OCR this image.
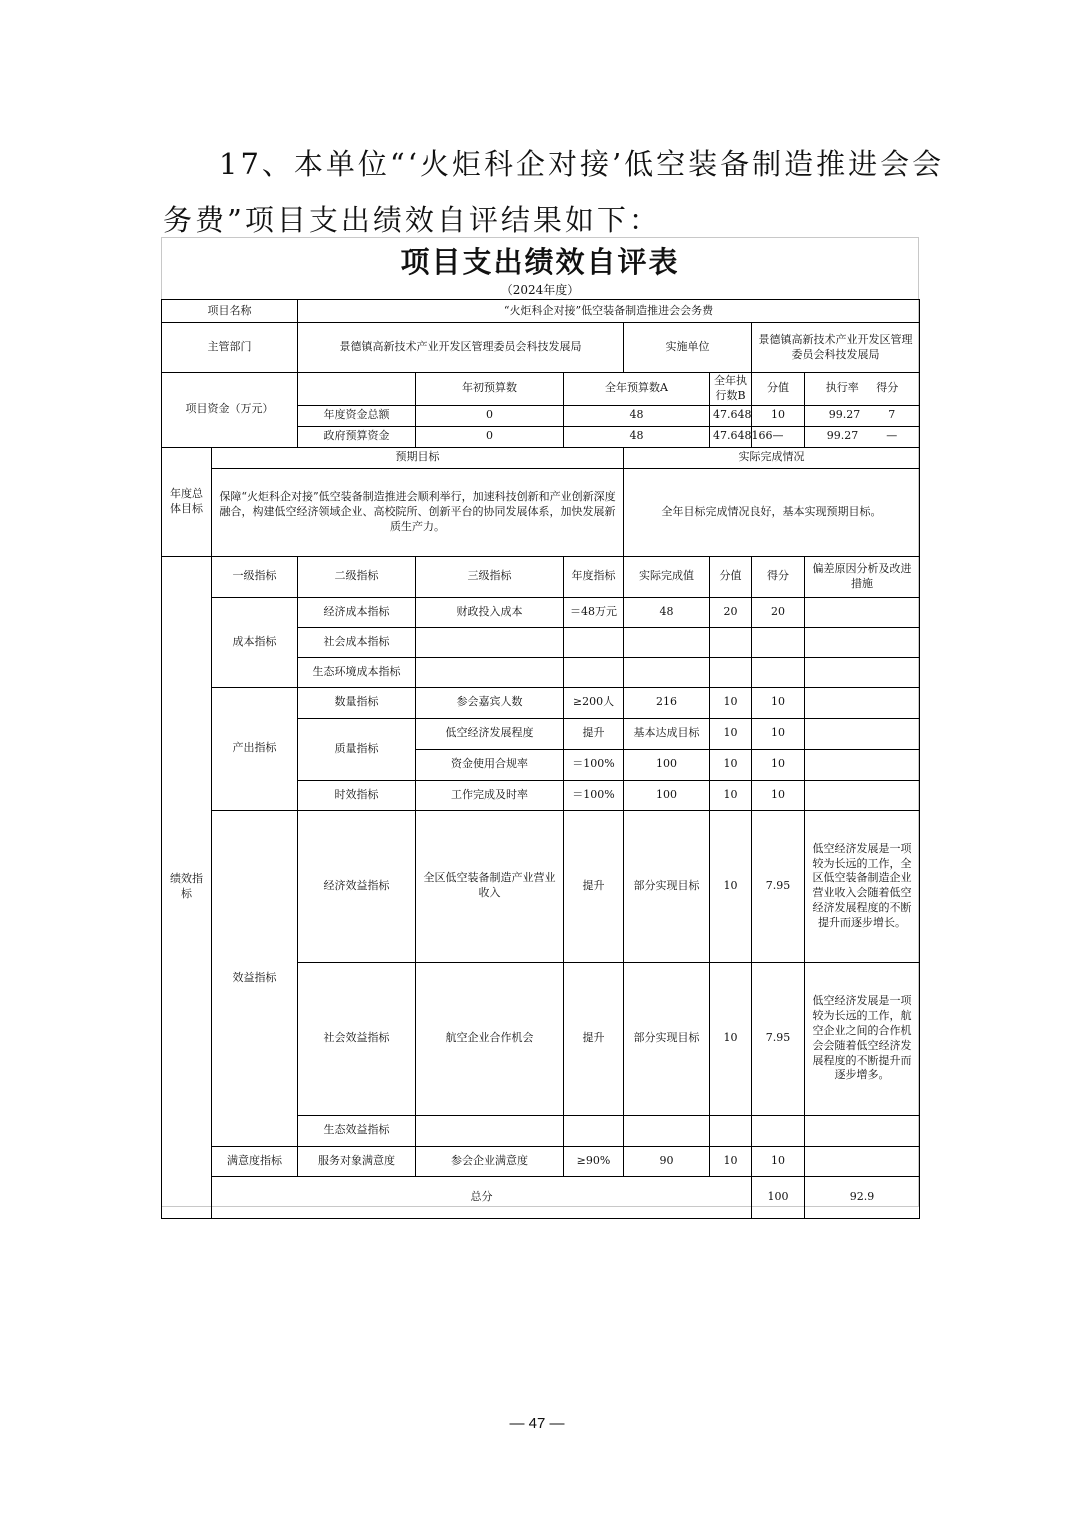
17、本单位“‘火炬科企对接’低空装备制造推进会会
务费”项目支出绩效自评结果如下：
项目支出绩效自评表
（2024年度）
项目名称		“火炬科企对接”低空装备制造推进会会务费							
主管部门		景德镇高新技术产业开发区管理委员会科技发展局			实施单位		景德镇高新技术产业开发区管理委员会科技发展局		
项目资金（万元）			年初预算数	全年预算数A		全年执行数B	分值	执行率 得分	
		年度资金总额	0	48		47.648	10	99.27 7	
		政府预算资金	0	48		47.648166	—	99.27 —	
年度总体目标	预期目标				实际完成情况				
	保障“火炬科企对接”低空装备制造推进会顺利举行，加速科技创新和产业创新深度融合，构建低空经济领域企业、高校院所、创新平台的协同发展体系，加快发展新质生产力。				全年目标完成情况良好，基本实现预期目标。				
绩效指标	一级指标	二级指标	三级指标	年度指标	实际完成值	分值	得分	偏差原因分析及改进措施	
	成本指标	经济成本指标	财政投入成本	＝48万元	48	20	20		
		社会成本指标							
		生态环境成本指标							
	产出指标	数量指标	参会嘉宾人数	≥200人	216	10	10		
		质量指标	低空经济发展程度	提升	基本达成目标	10	10		
			资金使用合规率	＝100%	100	10	10		
		时效指标	工作完成及时率	＝100%	100	10	10		
	效益指标	经济效益指标	全区低空装备制造产业营业收入	提升	部分实现目标	10	7.95	低空经济发展是一项较为长远的工作，全区低空装备制造企业营业收入会随着低空经济发展程度的不断提升而逐步增长。	
		社会效益指标	航空企业合作机会	提升	部分实现目标	10	7.95	低空经济发展是一项较为长远的工作，航空企业之间的合作机会会随着低空经济发展程度的不断提升而逐步增多。	
		生态效益指标							
	满意度指标	服务对象满意度	参会企业满意度	≥90%	90	10	10		
	总分						100	92.9	
— 47 —
